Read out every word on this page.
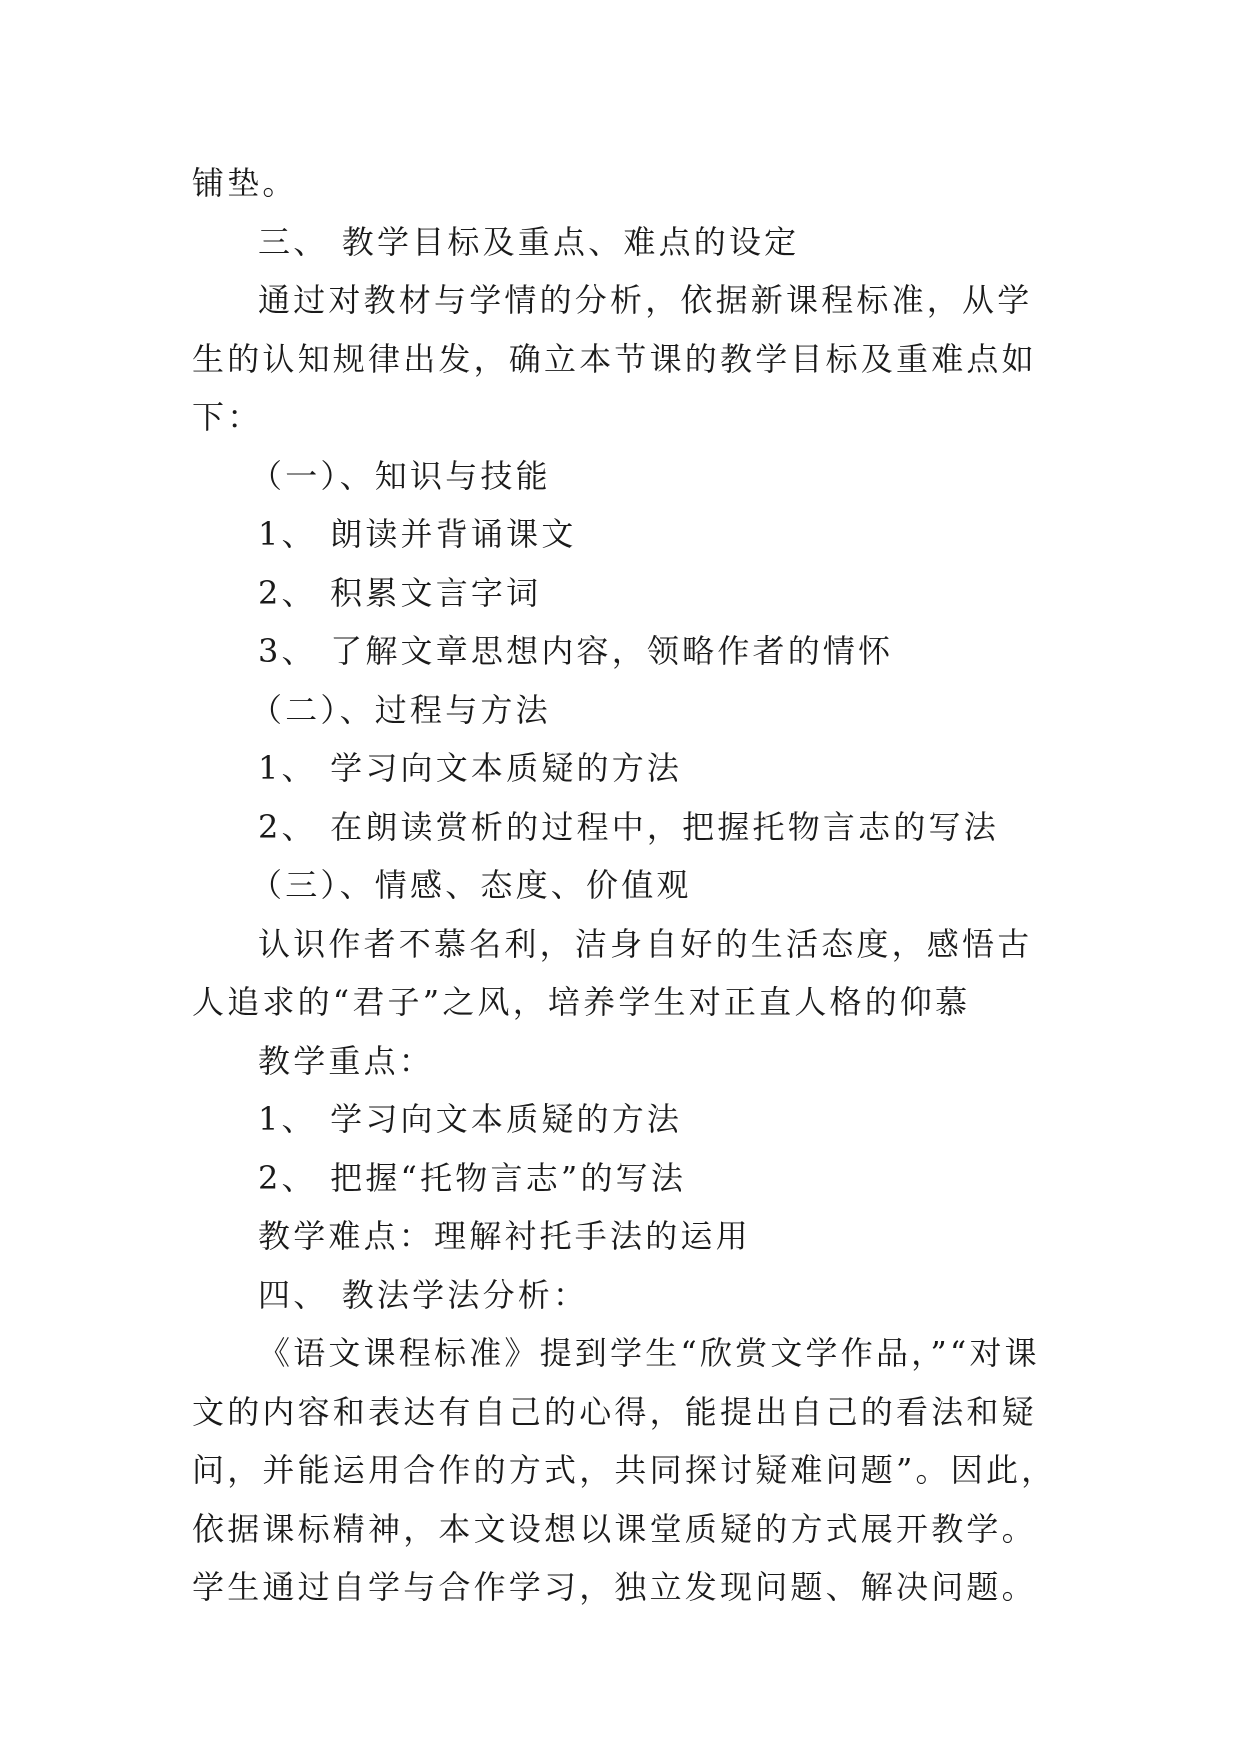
铺垫。

三、 教学目标及重点、难点的设定

通过对教材与学情的分析，依据新课程标准，从学生的认知规律出发，确立本节课的教学目标及重难点如下：

（一）、知识与技能

1、 朗读并背诵课文

2、 积累文言字词

3、 了解文章思想内容，领略作者的情怀

（二）、过程与方法

1、 学习向文本质疑的方法

2、 在朗读赏析的过程中，把握托物言志的写法

（三）、情感、态度、价值观

认识作者不慕名利，洁身自好的生活态度，感悟古人追求的“君子”之风，培养学生对正直人格的仰慕

教学重点：

1、 学习向文本质疑的方法

2、 把握“托物言志”的写法

教学难点：理解衬托手法的运用

四、 教法学法分析：

《语文课程标准》提到学生“欣赏文学作品，”“对课文的内容和表达有自己的心得，能提出自己的看法和疑问，并能运用合作的方式，共同探讨疑难问题”。因此，依据课标精神，本文设想以课堂质疑的方式展开教学。学生通过自学与合作学习，独立发现问题、解决问题。
